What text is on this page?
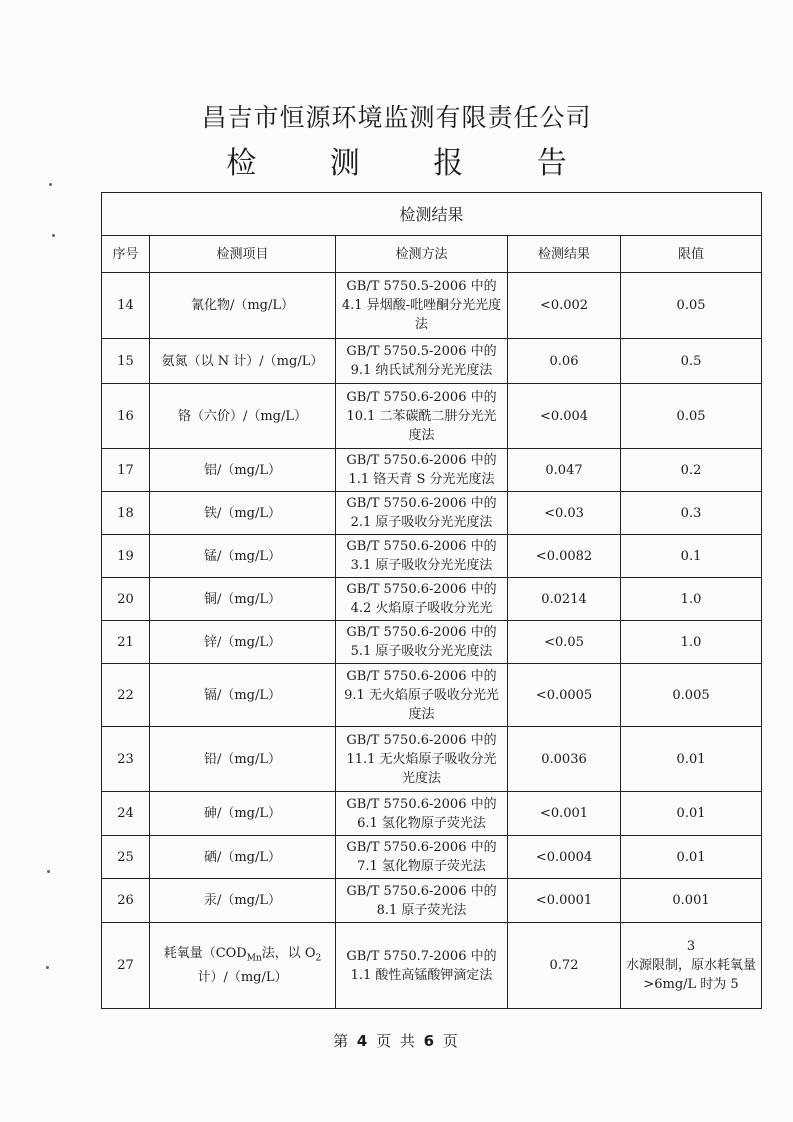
昌吉市恒源环境监测有限责任公司
检 测 报 告
检测结果				
序号	检测项目	检测方法	检测结果	限值
14	氰化物/（mg/L）	GB/T 5750.5-2006 中的4.1 异烟酸-吡唑酮分光光度法	<0.002	0.05
15	氨氮（以 N 计）/（mg/L）	GB/T 5750.5-2006 中的9.1 纳氏试剂分光光度法	0.06	0.5
16	铬（六价）/（mg/L）	GB/T 5750.6-2006 中的10.1 二苯碳酰二肼分光光度法	<0.004	0.05
17	铝/（mg/L）	GB/T 5750.6-2006 中的1.1 铬天青 S 分光光度法	0.047	0.2
18	铁/（mg/L）	GB/T 5750.6-2006 中的2.1 原子吸收分光光度法	<0.03	0.3
19	锰/（mg/L）	GB/T 5750.6-2006 中的3.1 原子吸收分光光度法	<0.0082	0.1
20	铜/（mg/L）	GB/T 5750.6-2006 中的4.2 火焰原子吸收分光光	0.0214	1.0
21	锌/（mg/L）	GB/T 5750.6-2006 中的5.1 原子吸收分光光度法	<0.05	1.0
22	镉/（mg/L）	GB/T 5750.6-2006 中的9.1 无火焰原子吸收分光光度法	<0.0005	0.005
23	铅/（mg/L）	GB/T 5750.6-2006 中的11.1 无火焰原子吸收分光光度法	0.0036	0.01
24	砷/（mg/L）	GB/T 5750.6-2006 中的6.1 氢化物原子荧光法	<0.001	0.01
25	硒/（mg/L）	GB/T 5750.6-2006 中的7.1 氢化物原子荧光法	<0.0004	0.01
26	汞/（mg/L）	GB/T 5750.6-2006 中的8.1 原子荧光法	<0.0001	0.001
27	耗氧量（$COD_{Mn}$法，以 $O_2$计）/（mg/L）	GB/T 5750.7-2006 中的1.1 酸性高锰酸钾滴定法	0.72	3
水源限制，原水耗氧量>6mg/L 时为 5
第 4 页 共 6 页
